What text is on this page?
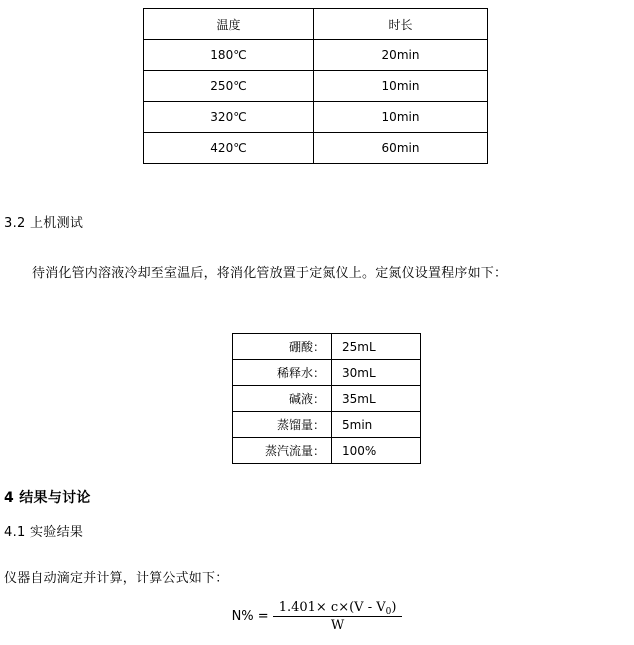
温度	时长
180℃	20min
250℃	10min
320℃	10min
420℃	60min
3.2 上机测试
待消化管内溶液冷却至室温后，将消化管放置于定氮仪上。定氮仪设置程序如下：
硼酸：	25mL
稀释水：	30mL
碱液：	35mL
蒸馏量：	5min
蒸汽流量：	100%
4 结果与讨论
4.1 实验结果
仪器自动滴定并计算，计算公式如下：
$N\% = \frac{1.401\times c\times(V - V_0)}{W}$
